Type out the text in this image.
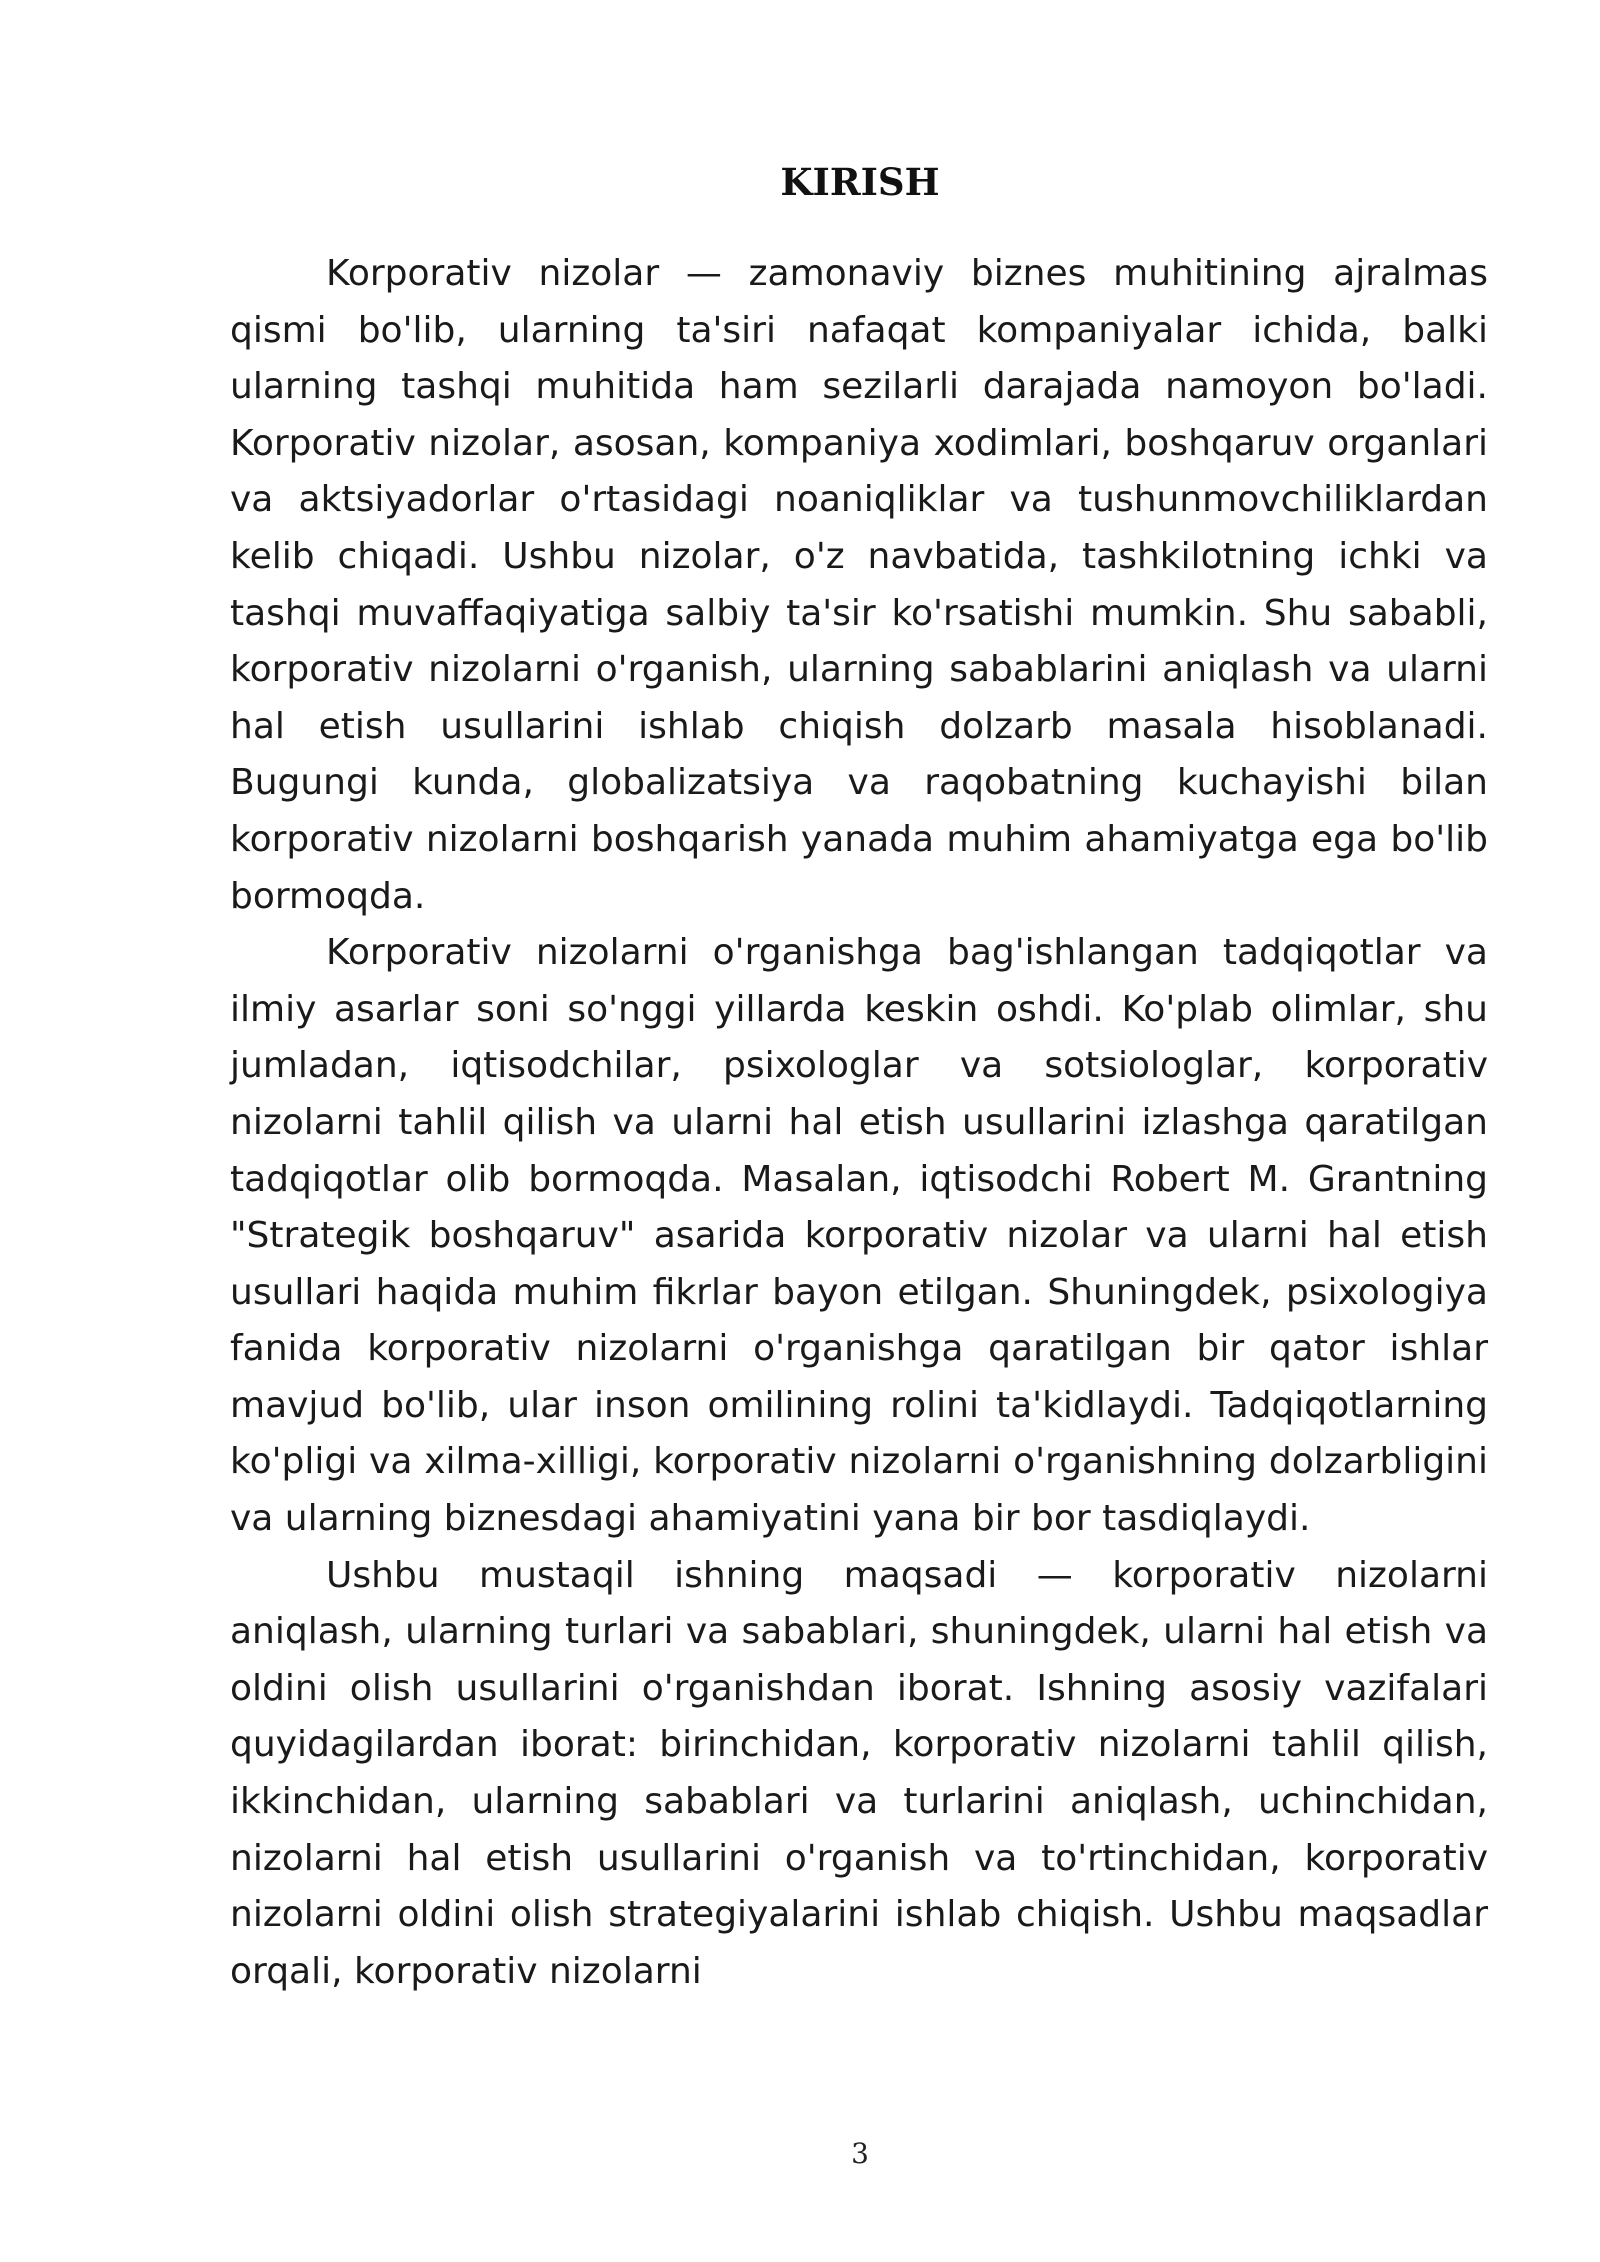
KIRISH

Korporativ nizolar — zamonaviy biznes muhitining ajralmas qismi bo'lib, ularning ta'siri nafaqat kompaniyalar ichida, balki ularning tashqi muhitida ham sezilarli darajada namoyon bo'ladi. Korporativ nizolar, asosan, kompaniya xodimlari, boshqaruv organlari va aktsiyadorlar o'rtasidagi noaniqliklar va tushunmovchiliklardan kelib chiqadi. Ushbu nizolar, o'z navbatida, tashkilotning ichki va tashqi muvaffaqiyatiga salbiy ta'sir ko'rsatishi mumkin. Shu sababli, korporativ nizolarni o'rganish, ularning sabablarini aniqlash va ularni hal etish usullarini ishlab chiqish dolzarb masala hisoblanadi. Bugungi kunda, globalizatsiya va raqobatning kuchayishi bilan korporativ nizolarni boshqarish yanada muhim ahamiyatga ega bo'lib bormoqda.

Korporativ nizolarni o'rganishga bag'ishlangan tadqiqotlar va ilmiy asarlar soni so'nggi yillarda keskin oshdi. Ko'plab olimlar, shu jumladan, iqtisodchilar, psixologlar va sotsiologlar, korporativ nizolarni tahlil qilish va ularni hal etish usullarini izlashga qaratilgan tadqiqotlar olib bormoqda. Masalan, iqtisodchi Robert M. Grantning "Strategik boshqaruv" asarida korporativ nizolar va ularni hal etish usullari haqida muhim fikrlar bayon etilgan. Shuningdek, psixologiya fanida korporativ nizolarni o'rganishga qaratilgan bir qator ishlar mavjud bo'lib, ular inson omilining rolini ta'kidlaydi. Tadqiqotlarning ko'pligi va xilma-xilligi, korporativ nizolarni o'rganishning dolzarbligini va ularning biznesdagi ahamiyatini yana bir bor tasdiqlaydi.

Ushbu mustaqil ishning maqsadi — korporativ nizolarni aniqlash, ularning turlari va sabablari, shuningdek, ularni hal etish va oldini olish usullarini o'rganishdan iborat. Ishning asosiy vazifalari quyidagilardan iborat: birinchidan, korporativ nizolarni tahlil qilish, ikkinchidan, ularning sabablari va turlarini aniqlash, uchinchidan, nizolarni hal etish usullarini o'rganish va to'rtinchidan, korporativ nizolarni oldini olish strategiyalarini ishlab chiqish. Ushbu maqsadlar orqali, korporativ nizolarni

3
